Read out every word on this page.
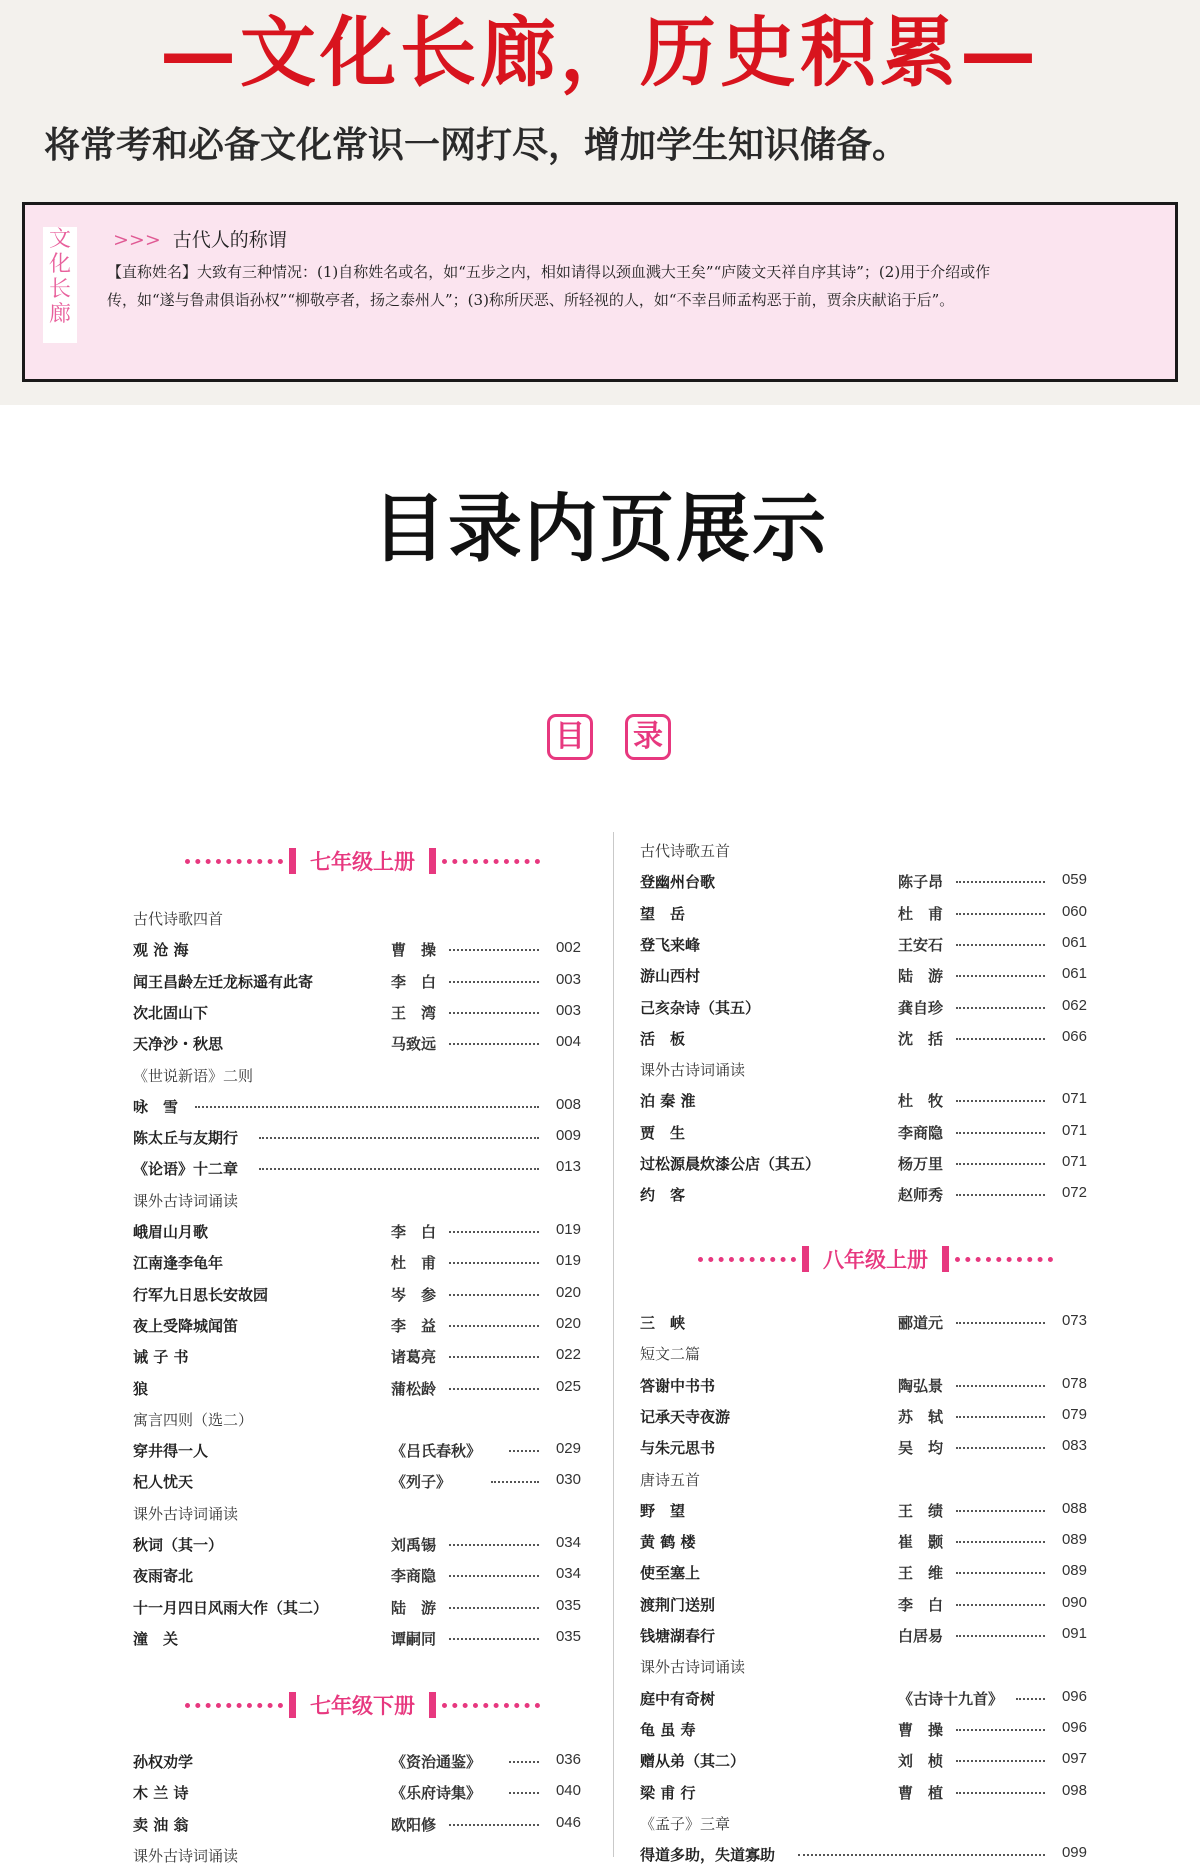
—文化长廊，历史积累—
将常考和必备文化常识一网打尽，增加学生知识储备。
文
化
长
廊
>>> 古代人的称谓
【直称姓名】大致有三种情况：(1)自称姓名或名，如“五步之内，相如请得以颈血溅大王矣”“庐陵文天祥自序其诗”；(2)用于介绍或作
传，如“遂与鲁肃俱诣孙权”“柳敬亭者，扬之泰州人”；(3)称所厌恶、所轻视的人，如“不幸吕师孟构恶于前，贾余庆献谄于后”。
目录内页展示
目 录
七年级上册
七年级下册
八年级上册
古代诗歌四首
观 沧 海	曹　操	002
闻王昌龄左迁龙标遥有此寄	李　白	003
次北固山下	王　湾	003
天净沙・秋思	马致远	004
《世说新语》二则
咏　雪	008
陈太丘与友期行	009
《论语》十二章	013
课外古诗词诵读
峨眉山月歌	李　白	019
江南逢李龟年	杜　甫	019
行军九日思长安故园	岑　参	020
夜上受降城闻笛	李　益	020
诫 子 书	诸葛亮	022
狼	蒲松龄	025
寓言四则（选二）
穿井得一人	《吕氏春秋》	029
杞人忧天	《列子》	030
课外古诗词诵读
秋词（其一）	刘禹锡	034
夜雨寄北	李商隐	034
十一月四日风雨大作（其二）	陆　游	035
潼　关	谭嗣同	035
孙权劝学	《资治通鉴》	036
木 兰 诗	《乐府诗集》	040
卖 油 翁	欧阳修	046
课外古诗词诵读
古代诗歌五首
登幽州台歌	陈子昂	059
望　岳	杜　甫	060
登飞来峰	王安石	061
游山西村	陆　游	061
己亥杂诗（其五）	龚自珍	062
活　板	沈　括	066
课外古诗词诵读
泊 秦 淮	杜　牧	071
贾　生	李商隐	071
过松源晨炊漆公店（其五）	杨万里	071
约　客	赵师秀	072
三　峡	郦道元	073
短文二篇
答谢中书书	陶弘景	078
记承天寺夜游	苏　轼	079
与朱元思书	吴　均	083
唐诗五首
野　望	王　绩	088
黄 鹤 楼	崔　颢	089
使至塞上	王　维	089
渡荆门送别	李　白	090
钱塘湖春行	白居易	091
课外古诗词诵读
庭中有奇树	《古诗十九首》	096
龟 虽 寿	曹　操	096
赠从弟（其二）	刘　桢	097
梁 甫 行	曹　植	098
《孟子》三章
得道多助，失道寡助	099
